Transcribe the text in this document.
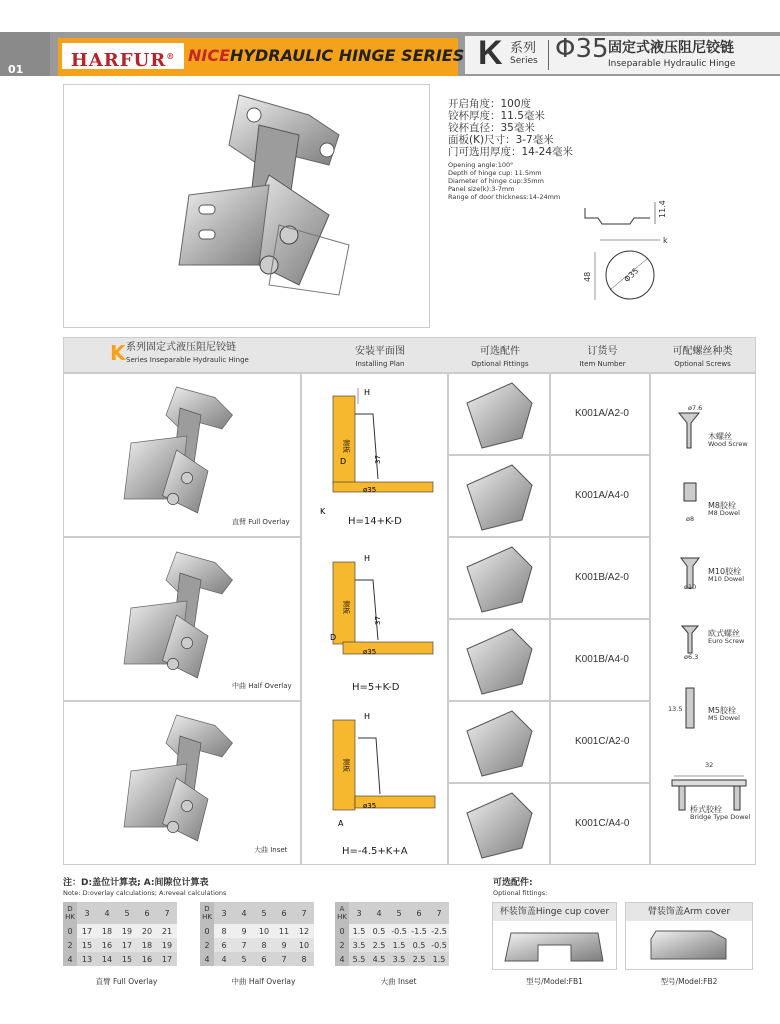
01	HARFUR® NICEHYDRAULIC HINGE SERIES K 系列
Series Φ35 固定式液压阻尼铰链
Inseparable Hydraulic Hinge
开启角度：100度
铰杯厚度：11.5毫米
铰杯直径：35毫米
面板(K)尺寸：3-7毫米
门可选用厚度：14-24毫米
Opening angle:100°
Depth of hinge cup: 11.5mm
Diameter of hinge cup:35mm
Panel size(k):3-7mm
Range of door thickness:14-24mm
11.4
k
Φ35
48
K 系列固定式液压阻尼铰链
Series Inseparable Hydraulic Hinge
安装平面图
Installing Plan
可选配件
Optional Fittings
订货号
Item Number
可配螺丝种类
Optional Screws
直臂 Full Overlay
中曲 Half Overlay
大曲 Inset
H
侧板
D	37
ø35
K
H=14+K-D
H
侧板
D
37
ø35
H=5+K-D
H
侧板
A
ø35
H=-4.5+K+A
K001A/A2-0
K001A/A4-0
K001B/A2-0
K001B/A4-0
K001C/A2-0
K001C/A4-0
ø7.6
木螺丝
Wood Screw
M8胶栓
M8 Dowel
ø8
M10胶栓
M10 Dowel
ø10
欧式螺丝
Euro Screw
ø6.3
M5胶栓
M5 Dowel
13.5
32
桥式胶栓
Bridge Type Dowel
注：D:盖位计算表; A:间隙位计算表
Note: D:overlay calculations; A:reveal calculations
可选配件:
Optional fittings:
D
HK	3	4	5	6	7
0	17	18	19	20	21
2	15	16	17	18	19
4	13	14	15	16	17
直臂 Full Overlay
D
HK	3	4	5	6	7
0	8	9	10	11	12
2	6	7	8	9	10
4	4	5	6	7	8
中曲 Half Overlay
A
HK	3	4	5	6	7
0	1.5	0.5	-0.5	-1.5	-2.5
2	3.5	2.5	1.5	0.5	-0.5
4	5.5	4.5	3.5	2.5	1.5
大曲 Inset
杯装饰盖Hinge cup cover
型号/Model:FB1
臂装饰盖Arm cover
型号/Model:FB2
